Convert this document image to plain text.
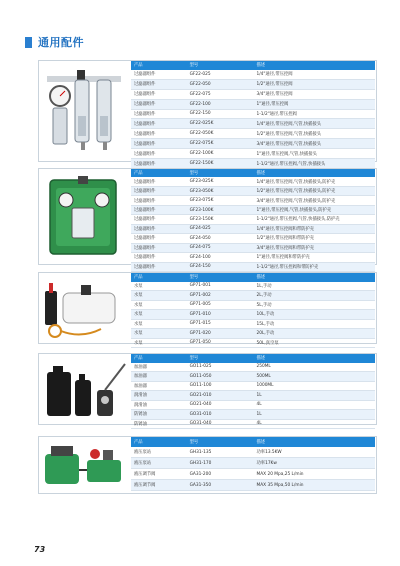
通用配件
产品	型号	描述
过滤器组件	GF22-025	1/4"通径,带压控阀
过滤器组件	GF22-050	1/2"通径,带压控阀
过滤器组件	GF22-075	3/4"通径,带压控阀
过滤器组件	GF22-100	1"通径,带压控阀
过滤器组件	GF22-150	1-1/2"通径,带压控阀
过滤器组件	GF22-025K	1/4"通径,带压控阀,气管,快插接头
过滤器组件	GF22-050K	1/2"通径,带压控阀,气管,快插接头
过滤器组件	GF22-075K	3/4"通径,带压控阀,气管,快插接头
过滤器组件	GF22-100K	1"通径,带压控阀,气管,快插接头
过滤器组件	GF22-150K	1-1/2"通径,带压控阀,气管,快插接头
产品	型号	描述
过滤器组件	GF23-025K	1/4"通径,带压控阀,气管,快插接头,防护壳
过滤器组件	GF23-050K	1/2"通径,带压控阀,气管,快插接头,防护壳
过滤器组件	GF23-075K	3/4"通径,带压控阀,气管,快插接头,防护壳
过滤器组件	GF23-100K	1"通径,带压控阀,气管,快插接头,防护壳
过滤器组件	GF23-150K	1-1/2"通径,带压控阀,气管,快插接头,防护壳
过滤器组件	GF24-025	1/4"通径,带压控阀和带防护壳
过滤器组件	GF24-050	1/2"通径,带压控阀和带防护壳
过滤器组件	GF24-075	3/4"通径,带压控阀和带防护壳
过滤器组件	GF24-100	1"通径,带压控阀和带防护壳
过滤器组件	GF24-150	1-1/2"通径,带压控阀和带防护壳
产品	型号	描述
水泵	GP71-001	1L,手动
水泵	GP71-002	2L,手动
水泵	GP71-005	5L,手动
水泵	GP71-010	10L,手动
水泵	GP71-015	15L,手动
水泵	GP71-020	20L,手动
水泵	GP71-050	50L,真空泵
产品	型号	描述
加油器	GO11-025	250ML
加油器	GO11-050	500ML
加油器	GO11-100	1000ML
润滑油	GO21-010	1L
润滑油	GO21-040	4L
防锈油	GO31-010	1L
防锈油	GO31-040	4L
产品	型号	描述
液压泵站	GH31-135	功率13.5KW
液压泵站	GH31-170	功率17Kw
液压调节阀	GA31-200	MAX 20 Mpa,25 L/min
液压调节阀	GA31-350	MAX 35 Mpa,50 L/min
73
